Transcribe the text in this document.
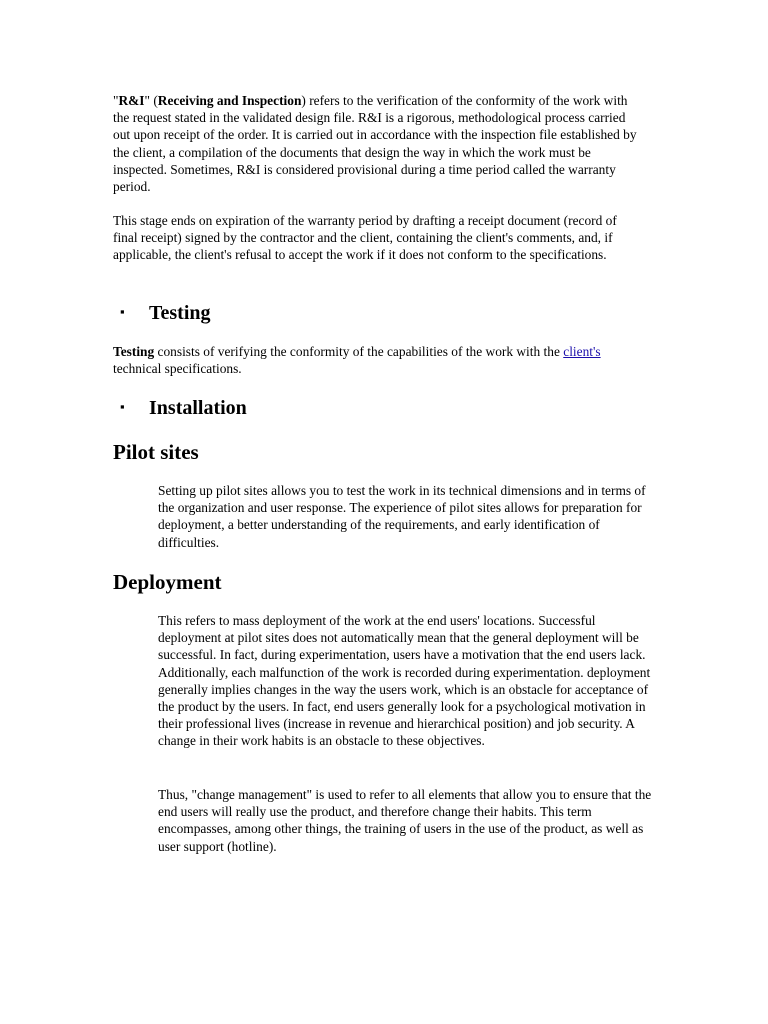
"R&I" (Receiving and Inspection) refers to the verification of the conformity of the work with the request stated in the validated design file. R&I is a rigorous, methodological process carried out upon receipt of the order. It is carried out in accordance with the inspection file established by the client, a compilation of the documents that design the way in which the work must be inspected. Sometimes, R&I is considered provisional during a time period called the warranty period.

This stage ends on expiration of the warranty period by drafting a receipt document (record of final receipt) signed by the contractor and the client, containing the client's comments, and, if applicable, the client's refusal to accept the work if it does not conform to the specifications.

▪ Testing

Testing consists of verifying the conformity of the capabilities of the work with the client's technical specifications.

▪ Installation
Pilot sites

Setting up pilot sites allows you to test the work in its technical dimensions and in terms of the organization and user response. The experience of pilot sites allows for preparation for deployment, a better understanding of the requirements, and early identification of difficulties.

Deployment

This refers to mass deployment of the work at the end users' locations. Successful deployment at pilot sites does not automatically mean that the general deployment will be successful. In fact, during experimentation, users have a motivation that the end users lack. Additionally, each malfunction of the work is recorded during experimentation. deployment generally implies changes in the way the users work, which is an obstacle for acceptance of the product by the users. In fact, end users generally look for a psychological motivation in their professional lives (increase in revenue and hierarchical position) and job security. A change in their work habits is an obstacle to these objectives.

Thus, "change management" is used to refer to all elements that allow you to ensure that the end users will really use the product, and therefore change their habits. This term encompasses, among other things, the training of users in the use of the product, as well as user support (hotline).
